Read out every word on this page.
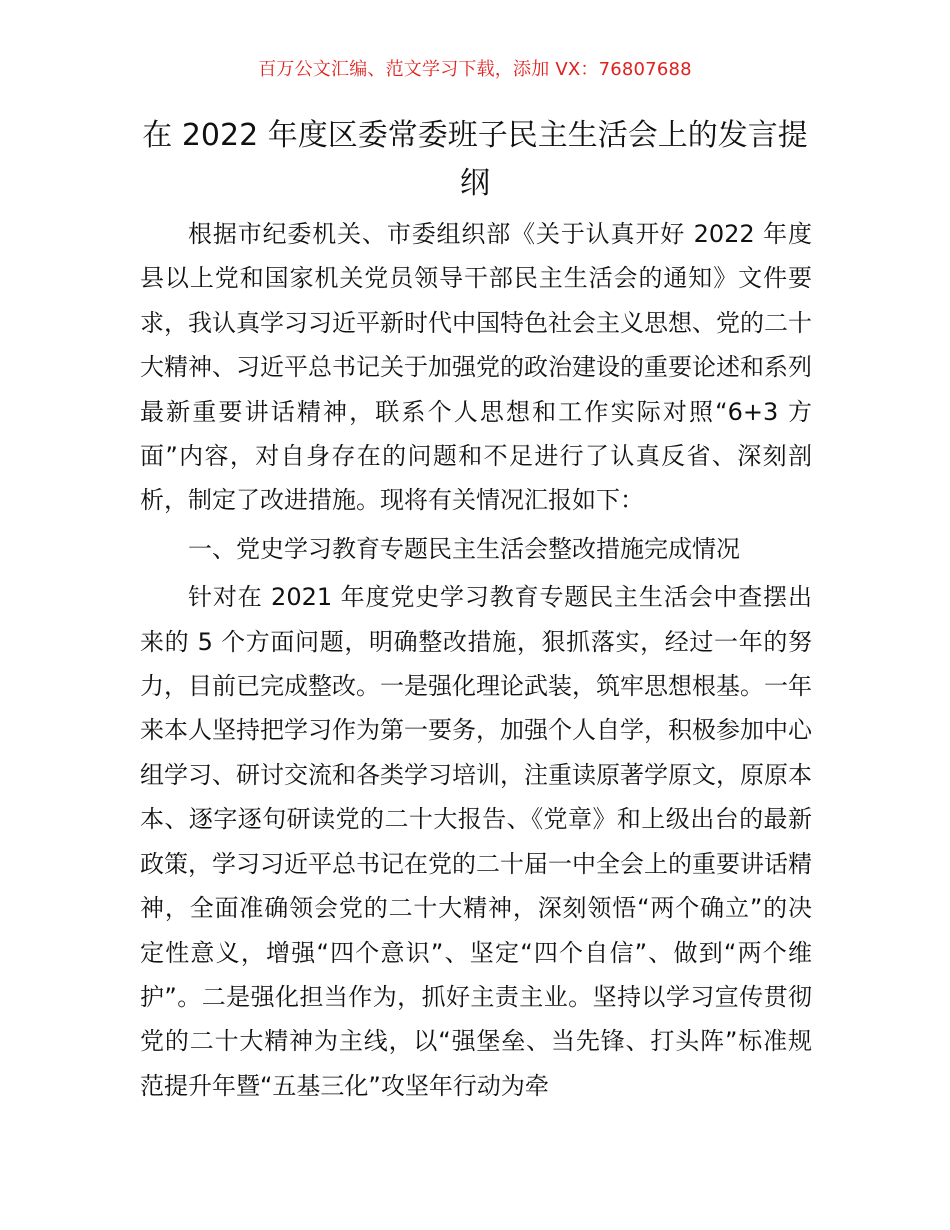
百万公文汇编、范文学习下载，添加 VX：76807688
在 2022 年度区委常委班子民主生活会上的发言提纲

根据市纪委机关、市委组织部《关于认真开好 2022 年度县以上党和国家机关党员领导干部民主生活会的通知》文件要求，我认真学习习近平新时代中国特色社会主义思想、党的二十大精神、习近平总书记关于加强党的政治建设的重要论述和系列最新重要讲话精神，联系个人思想和工作实际对照“6+3 方面”内容，对自身存在的问题和不足进行了认真反省、深刻剖析，制定了改进措施。现将有关情况汇报如下：

一、党史学习教育专题民主生活会整改措施完成情况

针对在 2021 年度党史学习教育专题民主生活会中查摆出来的 5 个方面问题，明确整改措施，狠抓落实，经过一年的努力，目前已完成整改。一是强化理论武装，筑牢思想根基。一年来本人坚持把学习作为第一要务，加强个人自学，积极参加中心组学习、研讨交流和各类学习培训，注重读原著学原文，原原本本、逐字逐句研读党的二十大报告、《党章》和上级出台的最新政策，学习习近平总书记在党的二十届一中全会上的重要讲话精神，全面准确领会党的二十大精神，深刻领悟“两个确立”的决定性意义，增强“四个意识”、坚定“四个自信”、做到“两个维护”。二是强化担当作为，抓好主责主业。坚持以学习宣传贯彻党的二十大精神为主线，以“强堡垒、当先锋、打头阵”标准规范提升年暨“五基三化”攻坚年行动为牵
